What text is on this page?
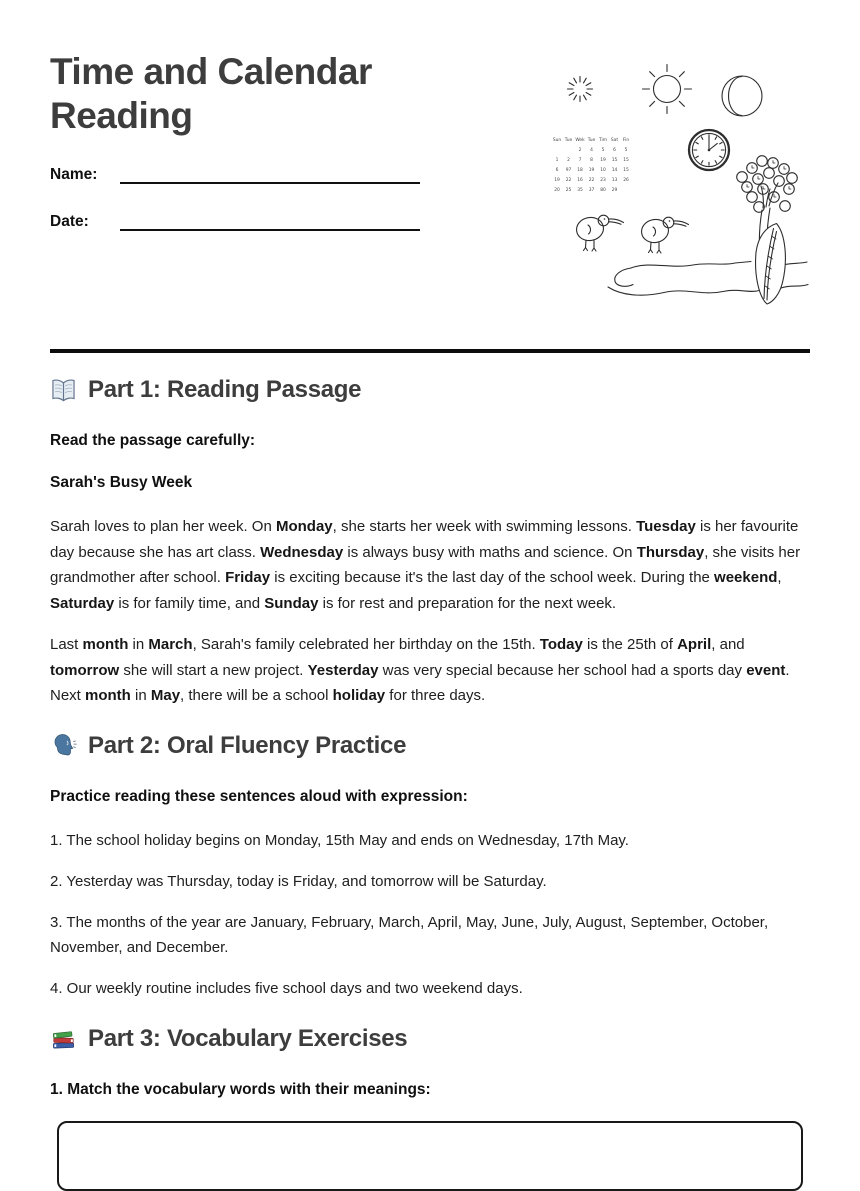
Time and Calendar Reading
Name:
Date:
Sun Tue Wek Tue Tim Sat Fin
2 4 5 6 5
1 2 7 8 19 15 15
6 97 18 19 10 14 15
19 22 16 22 23 13 26
20 25 35 37 80 29
Part 1: Reading Passage

Read the passage carefully:

Sarah's Busy Week

Sarah loves to plan her week. On Monday, she starts her week with swimming lessons. Tuesday is her favourite day because she has art class. Wednesday is always busy with maths and science. On Thursday, she visits her grandmother after school. Friday is exciting because it's the last day of the school week. During the weekend, Saturday is for family time, and Sunday is for rest and preparation for the next week.

Last month in March, Sarah's family celebrated her birthday on the 15th. Today is the 25th of April, and tomorrow she will start a new project. Yesterday was very special because her school had a sports day event. Next month in May, there will be a school holiday for three days.

Part 2: Oral Fluency Practice

Practice reading these sentences aloud with expression:

1. The school holiday begins on Monday, 15th May and ends on Wednesday, 17th May.

2. Yesterday was Thursday, today is Friday, and tomorrow will be Saturday.

3. The months of the year are January, February, March, April, May, June, July, August, September, October, November, and December.

4. Our weekly routine includes five school days and two weekend days.

Part 3: Vocabulary Exercises

1. Match the vocabulary words with their meanings:
